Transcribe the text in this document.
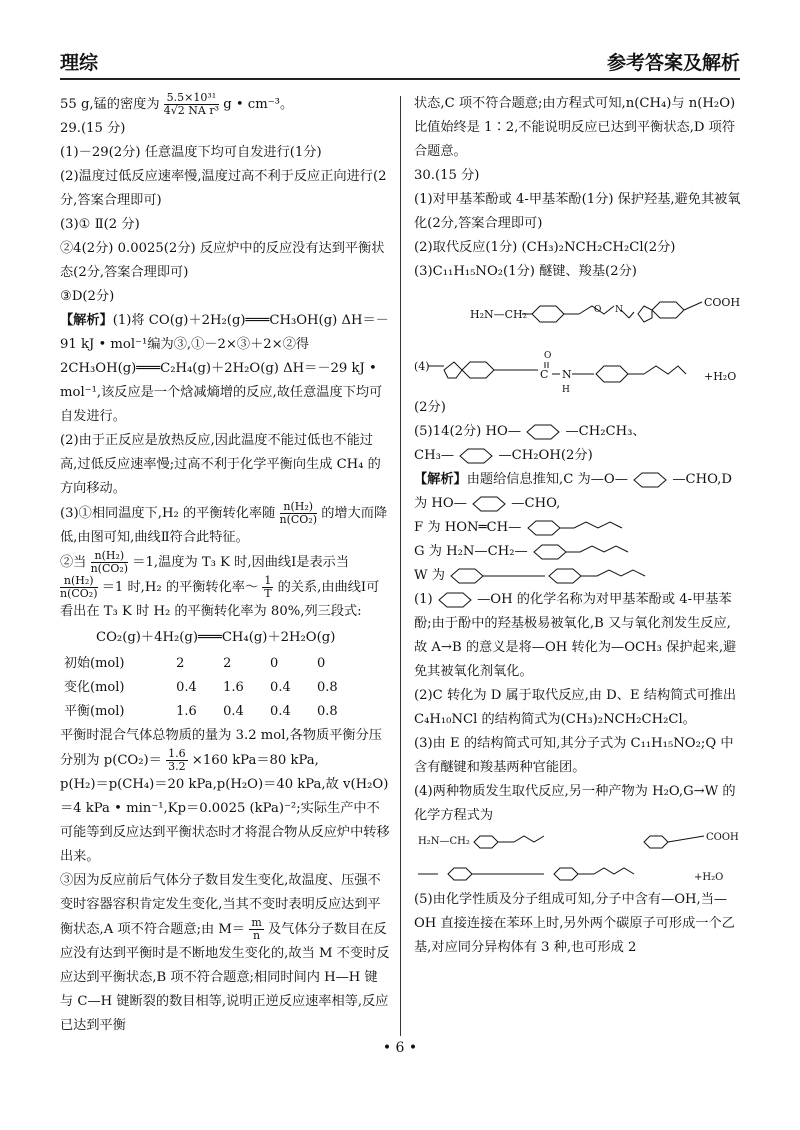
理综	参考答案及解析

55 g,锰的密度为 $\frac{\text{5.5×10³¹}}{\text{4√2 NA r³}}$ g • cm⁻³。

29.(15 分)

(1)－29(2分) 任意温度下均可自发进行(1分)

(2)温度过低反应速率慢,温度过高不利于反应正向进行(2分,答案合理即可)

(3)① Ⅱ(2 分)

②4(2分) 0.0025(2分) 反应炉中的反应没有达到平衡状态(2分,答案合理即可)

③D(2分)

【解析】(1)将 CO(g)＋2H₂(g)═══CH₃OH(g) ΔH＝－91 kJ • mol⁻¹编为③,①－2×③＋2×②得 2CH₃OH(g)═══C₂H₄(g)＋2H₂O(g) ΔH＝－29 kJ • mol⁻¹,该反应是一个焓减熵增的反应,故任意温度下均可自发进行。

(2)由于正反应是放热反应,因此温度不能过低也不能过高,过低反应速率慢;过高不利于化学平衡向生成 CH₄ 的方向移动。

(3)①相同温度下,H₂ 的平衡转化率随 $\frac{\text{n(H₂)}}{\text{n(CO₂)}}$ 的增大而降低,由图可知,曲线Ⅱ符合此特征。

②当 $\frac{\text{n(H₂)}}{\text{n(CO₂)}} =1$,温度为 T₃ K 时,因曲线Ⅰ是表示当
$\frac{\text{n(H₂)}}{\text{n(CO₂)}} =1$ 时,H₂ 的平衡转化率～ $\frac{1}{T}$ 的关系,由曲线Ⅰ可看出在 T₃ K 时 H₂ 的平衡转化率为 80%,列三段式:

CO₂(g)＋4H₂(g)═══CH₄(g)＋2H₂O(g)

初始(mol)	2	2	0	0
变化(mol)	0.4	1.6	0.4	0.8
平衡(mol)	1.6	0.4	0.4	0.8

平衡时混合气体总物质的量为 3.2 mol,各物质平衡分压分别为 $p(CO_2)= \frac{1.6}{3.2} \times 160$ kPa＝80 kPa,

p(H₂)＝p(CH₄)＝20 kPa,p(H₂O)＝40 kPa,故 v(H₂O)＝4 kPa • min⁻¹,Kp＝0.0025 (kPa)⁻²;实际生产中不可能等到反应达到平衡状态时才将混合物从反应炉中转移出来。

③因为反应前后气体分子数目发生变化,故温度、压强不变时容器容积肯定发生变化,当其不变时表明反应达到平衡状态,A 项不符合题意;由 $M= \frac{m}{n}$ 及气体分子数目在反应没有达到平衡时是不断地发生变化的,故当 M 不变时反应达到平衡状态,B 项不符合题意;相同时间内 H—H 键与 C—H 键断裂的数目相等,说明正逆反应速率相等,反应已达到平衡

状态,C 项不符合题意;由方程式可知,n(CH₄)与 n(H₂O)比值始终是 1∶2,不能说明反应已达到平衡状态,D 项符合题意。

30.(15 分)

(1)对甲基苯酚或 4-甲基苯酚(1分) 保护羟基,避免其被氧化(2分,答案合理即可)

(2)取代反应(1分) (CH₃)₂NCH₂CH₂Cl(2分)

(3)C₁₁H₁₅NO₂(1分) 醚键、羧基(2分)

H₂N—CH₂
COOH
(4)
+H₂O
O N
N
H
C
O

(2分)

(5)14(2分) HO—	—CH₂CH₃、

CH₃—	—CH₂OH(2分)

【解析】由题给信息推知,C 为—O—	—CHO,D

为 HO—	—CHO,

F 为 HON═CH—

G 为 H₂N—CH₂—

W 为

(1)	—OH 的化学名称为对甲基苯酚或 4-甲基苯酚;由于酚中的羟基极易被氧化,B 又与氧化剂发生反应,故 A→B 的意义是将—OH 转化为—OCH₃ 保护起来,避免其被氧化剂氧化。

(2)C 转化为 D 属于取代反应,由 D、E 结构简式可推出 C₄H₁₀NCl 的结构简式为(CH₃)₂NCH₂CH₂Cl。

(3)由 E 的结构简式可知,其分子式为 C₁₁H₁₅NO₂;Q 中含有醚键和羧基两种官能团。

(4)两种物质发生取代反应,另一种产物为 H₂O,G→W 的化学方程式为

H₂N—CH₂	COOH
+H₂O

(5)由化学性质及分子组成可知,分子中含有—OH,当—OH 直接连接在苯环上时,另外两个碳原子可形成一个乙基,对应同分异构体有 3 种,也可形成 2

• 6 •
